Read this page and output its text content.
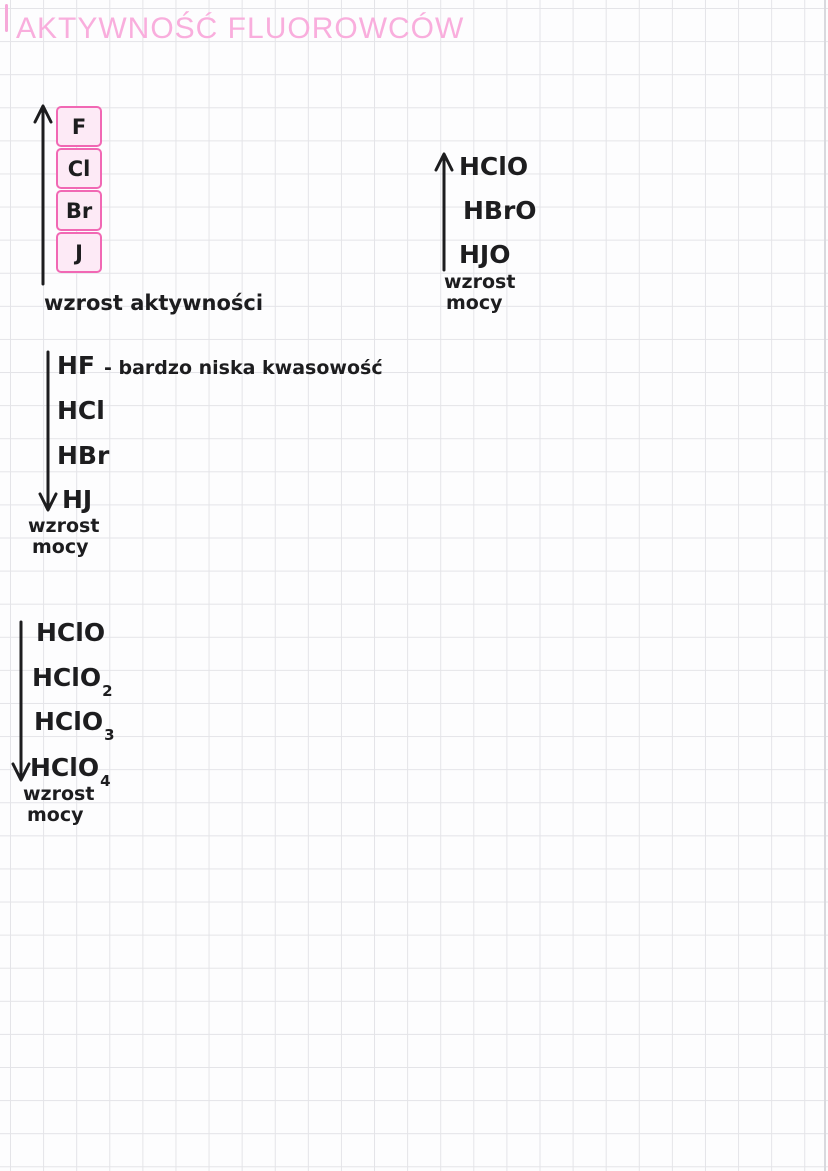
AKTYWNOŚĆ FLUOROWCÓW
F
Cl
Br
J
wzrost aktywności
HClO
HBrO
HJO
wzrost
mocy
HF - bardzo niska kwasowość
HCl
HBr
HJ
wzrost
mocy
HClO
HClO$_2$
HClO$_3$
HClO$_4$
wzrost
mocy
